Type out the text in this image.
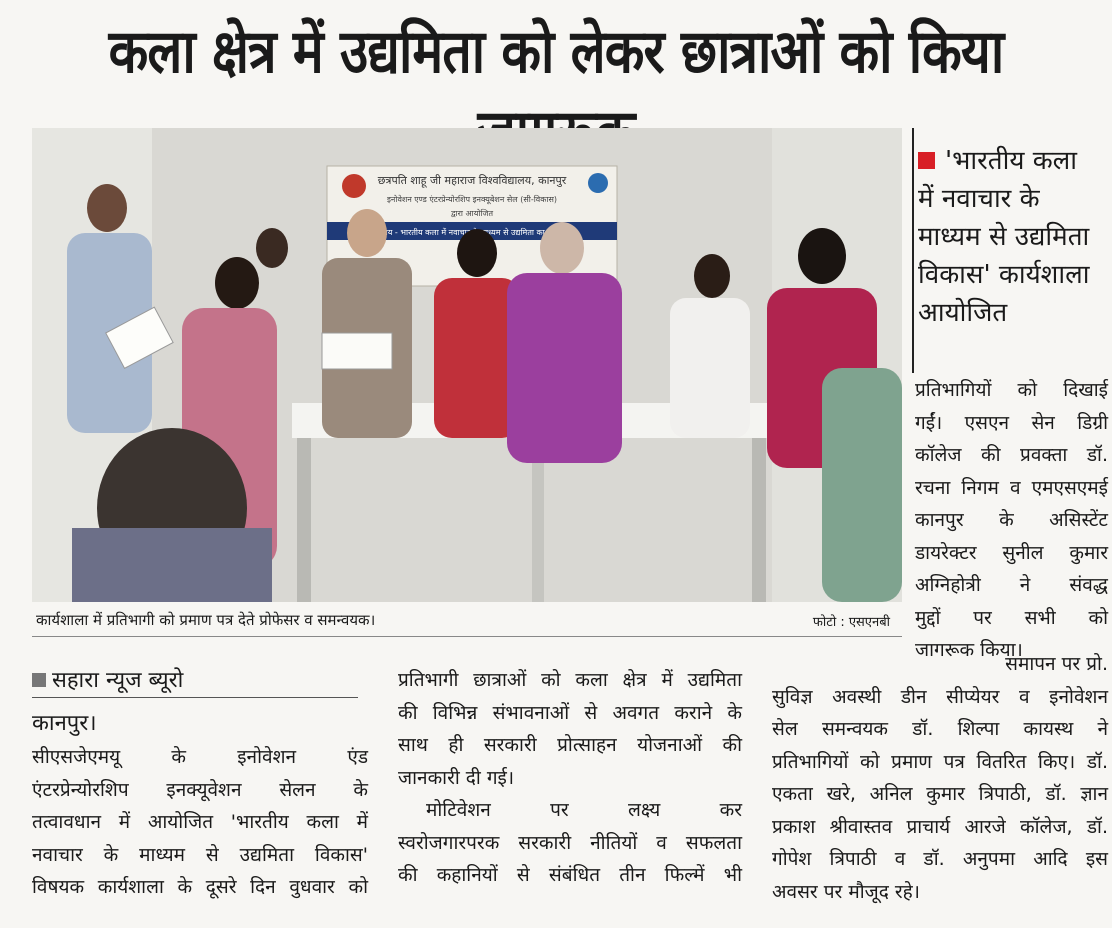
कला क्षेत्र में उद्यमिता को लेकर छात्राओं को किया
छत्रपति शाहू जी महाराज विश्वविद्यालय, कानपुर
इनोवेशन एण्ड एंटरप्रेन्योरशिप इनक्यूबेशन सेल (सी-विकास)
द्वारा आयोजित
- भारतीय कला में नवाचार माध्यम से उद्यमिता का
कार्यशाला में प्रतिभागी को प्रमाण पत्र देते प्रोफेसर व समन्वयक।	फोटो : एसएनबी
'भारतीय कला
में नवाचार के
माध्यम से उद्यमिता
विकास' कार्यशाला
आयोजित
सहारा न्यूज ब्यूरो
कानपुर।
सीएसजेएमयू के इनोवेशन एंड
एंटरप्रेन्योरशिप इनक्यूवेशन सेलन के
तत्वावधान में आयोजित 'भारतीय कला में
नवाचार के माध्यम से उद्यमिता विकास'
विषयक कार्यशाला के दूसरे दिन वुधवार को
प्रतिभागी छात्राओं को कला क्षेत्र में उद्यमिता
की विभिन्न संभावनाओं से अवगत कराने के
साथ ही सरकारी प्रोत्साहन योजनाओं की
जानकारी दी गई।
मोटिवेशन पर लक्ष्य कर
स्वरोजगारपरक सरकारी नीतियों व सफलता
की कहानियों से संबंधित तीन फिल्में भी
प्रतिभागियों को दिखाई
गईं। एसएन सेन डिग्री
कॉलेज की प्रवक्ता डॉ.
रचना निगम व एमएसएमई
कानपुर के असिस्टेंट
डायरेक्टर सुनील कुमार
अग्निहोत्री ने संवद्ध
मुद्दों पर सभी को
जागरूक किया।
समापन पर प्रो.
सुविज्ञ अवस्थी डीन सीप्येयर व इनोवेशन
सेल समन्वयक डॉ. शिल्पा कायस्थ ने
प्रतिभागियों को प्रमाण पत्र वितरित किए। डॉ.
एकता खरे, अनिल कुमार त्रिपाठी, डॉ. ज्ञान
प्रकाश श्रीवास्तव प्राचार्य आरजे कॉलेज, डॉ.
गोपेश त्रिपाठी व डॉ. अनुपमा आदि इस
अवसर पर मौजूद रहे।
